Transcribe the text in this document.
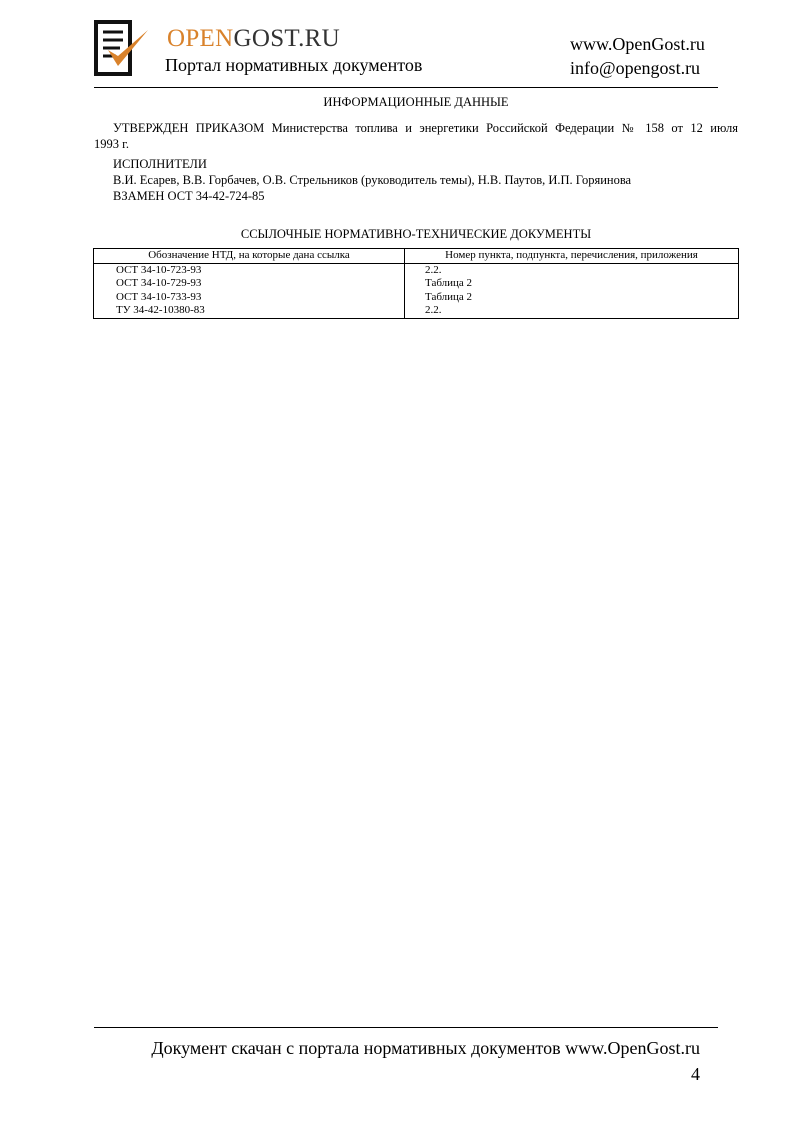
OPENGOST.RU
Портал нормативных документов
www.OpenGost.ru
info@opengost.ru
ИНФОРМАЦИОННЫЕ ДАННЫЕ
УТВЕРЖДЕН ПРИКАЗОМ Министерства топлива и энергетики Российской Федерации № 158 от 12 июля
1993 г.
ИСПОЛНИТЕЛИ
В.И. Есарев, В.В. Горбачев, О.В. Стрельников (руководитель темы), Н.В. Паутов, И.П. Горяинова
ВЗАМЕН ОСТ 34-42-724-85
ССЫЛОЧНЫЕ НОРМАТИВНО-ТЕХНИЧЕСКИЕ ДОКУМЕНТЫ
Обозначение НТД, на которые дана ссылка	Номер пункта, подпункта, перечисления, приложения
ОСТ 34-10-723-93	2.2.
ОСТ 34-10-729-93	Таблица 2
ОСТ 34-10-733-93	Таблица 2
ТУ 34-42-10380-83	2.2.
Документ скачан с портала нормативных документов www.OpenGost.ru
4
